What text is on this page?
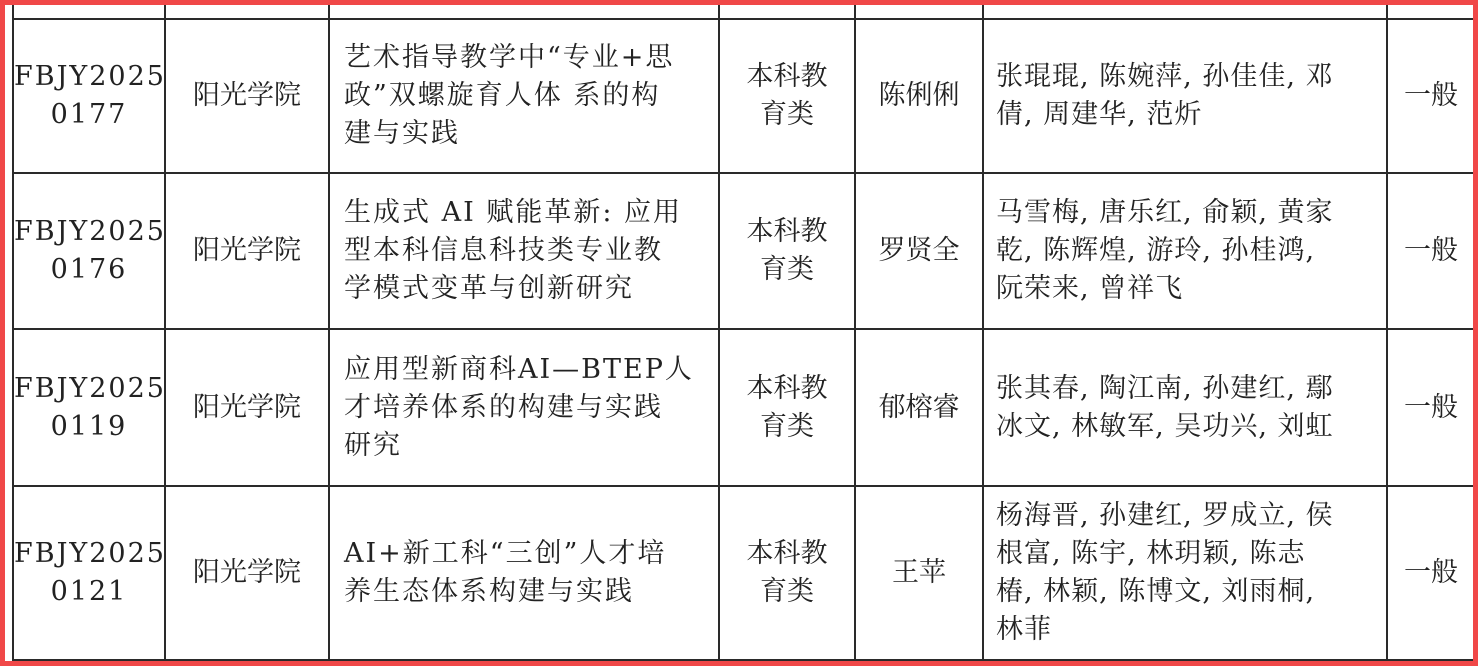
FBJY2025
0177	阳光学院	艺术指导教学中“专业+思
政”双螺旋育人体 系的构
建与实践	本科教
育类	陈俐俐	张琨琨, 陈婉萍, 孙佳佳, 邓
倩, 周建华, 范炘	一般
FBJY2025
0176	阳光学院	生成式 AI 赋能革新: 应用
型本科信息科技类专业教
学模式变革与创新研究	本科教
育类	罗贤全	马雪梅, 唐乐红, 俞颖, 黄家
乾, 陈辉煌, 游玲, 孙桂鸿,
阮荣来, 曾祥飞	一般
FBJY2025
0119	阳光学院	应用型新商科AI—BTEP人
才培养体系的构建与实践
研究	本科教
育类	郁榕睿	张其春, 陶江南, 孙建红, 鄢
冰文, 林敏军, 吴功兴, 刘虹	一般
FBJY2025
0121	阳光学院	AI+新工科“三创”人才培
养生态体系构建与实践	本科教
育类	王苹	杨海晋, 孙建红, 罗成立, 侯
根富, 陈宇, 林玥颖, 陈志
椿, 林颖, 陈博文, 刘雨桐,
林菲	一般
